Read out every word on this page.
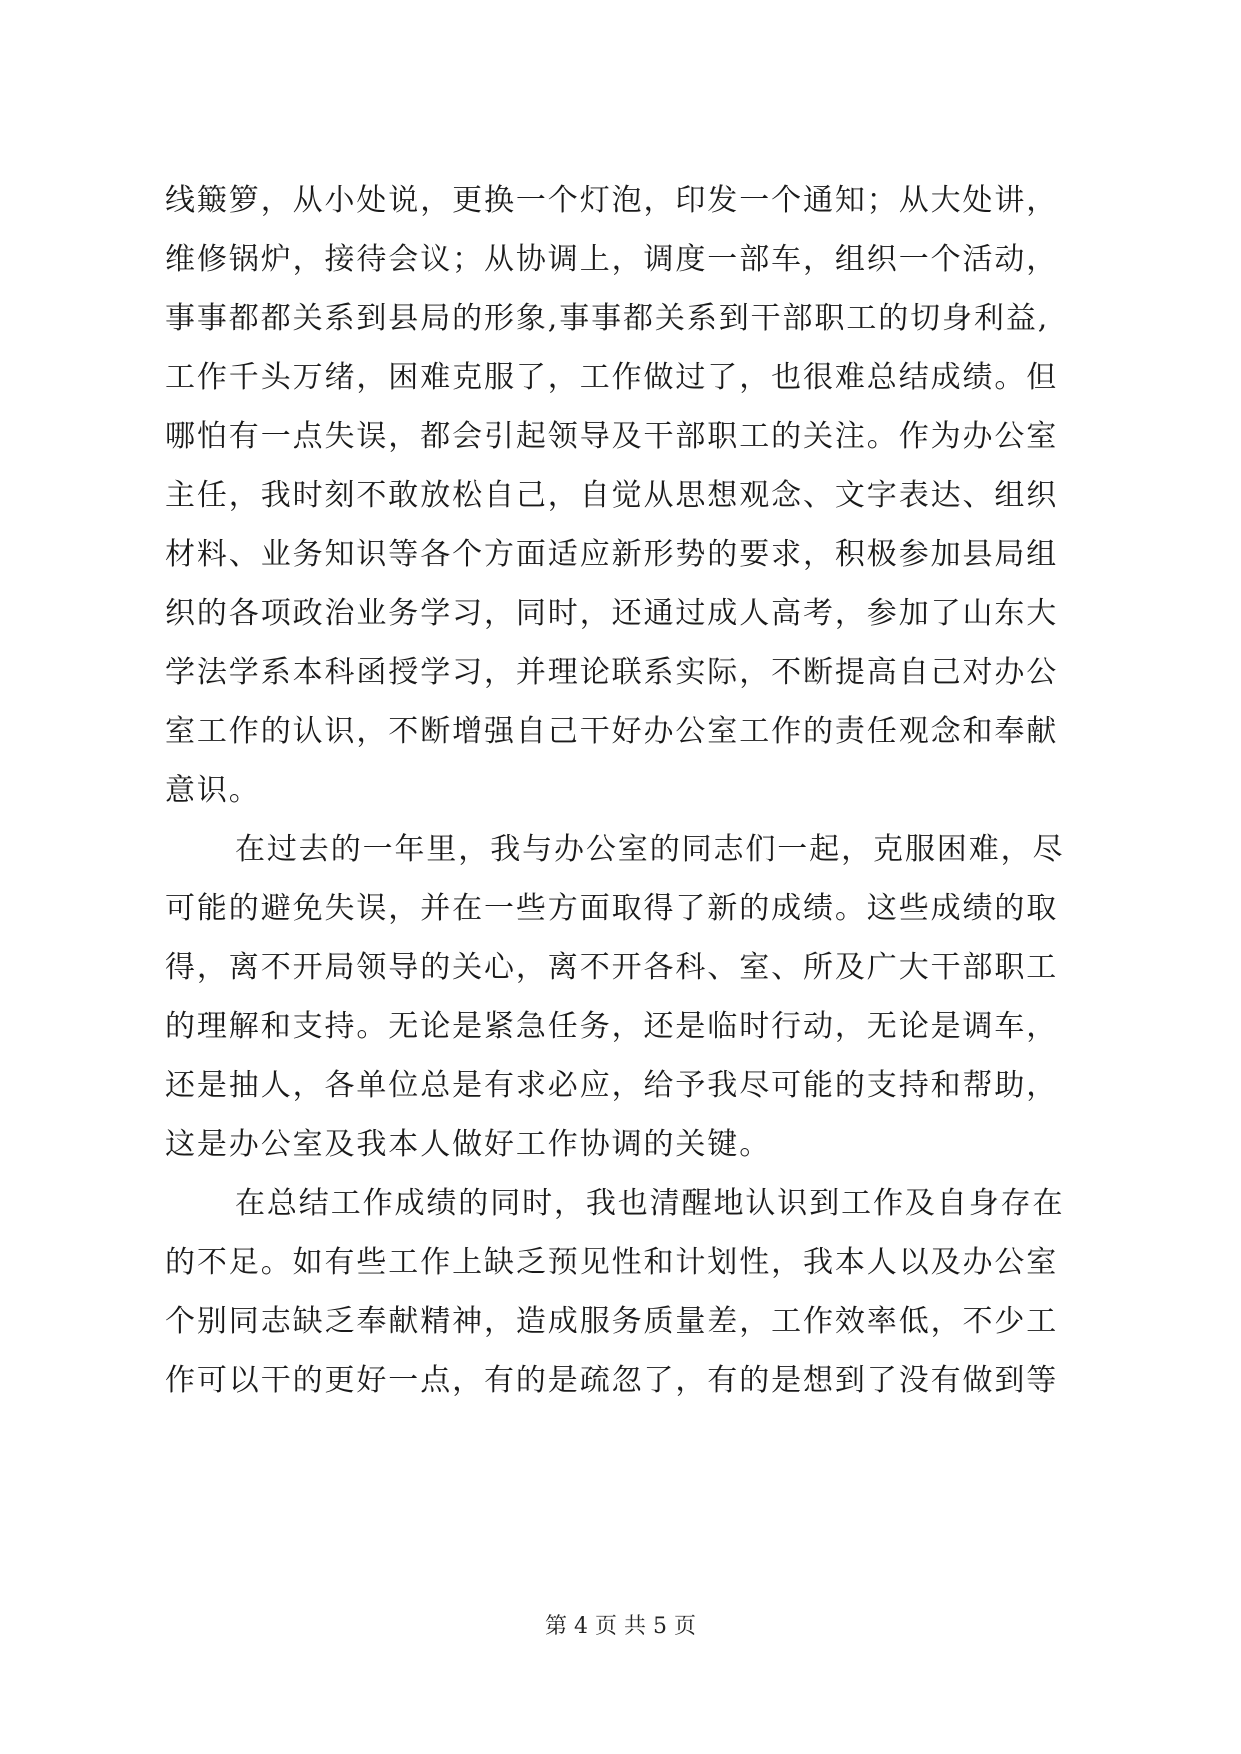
线簸箩，从小处说，更换一个灯泡，印发一个通知；从大处讲，
维修锅炉，接待会议；从协调上，调度一部车，组织一个活动，
事事都都关系到县局的形象,事事都关系到干部职工的切身利益,
工作千头万绪，困难克服了，工作做过了，也很难总结成绩。但
哪怕有一点失误，都会引起领导及干部职工的关注。作为办公室
主任，我时刻不敢放松自己，自觉从思想观念、文字表达、组织
材料、业务知识等各个方面适应新形势的要求，积极参加县局组
织的各项政治业务学习，同时，还通过成人高考，参加了山东大
学法学系本科函授学习，并理论联系实际，不断提高自己对办公
室工作的认识，不断增强自己干好办公室工作的责任观念和奉献
意识。
在过去的一年里，我与办公室的同志们一起，克服困难，尽
可能的避免失误，并在一些方面取得了新的成绩。这些成绩的取
得，离不开局领导的关心，离不开各科、室、所及广大干部职工
的理解和支持。无论是紧急任务，还是临时行动，无论是调车，
还是抽人，各单位总是有求必应，给予我尽可能的支持和帮助，
这是办公室及我本人做好工作协调的关键。
在总结工作成绩的同时，我也清醒地认识到工作及自身存在
的不足。如有些工作上缺乏预见性和计划性，我本人以及办公室
个别同志缺乏奉献精神，造成服务质量差，工作效率低，不少工
作可以干的更好一点，有的是疏忽了，有的是想到了没有做到等
第 4 页 共 5 页
